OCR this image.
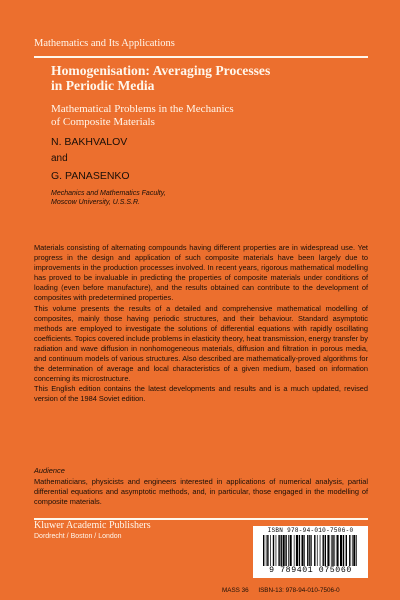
Mathematics and Its Applications
Homogenisation: Averaging Processes
in Periodic Media
Mathematical Problems in the Mechanics
of Composite Materials
N. BAKHVALOV
and
G. PANASENKO
Mechanics and Mathematics Faculty,
Moscow University, U.S.S.R.

Materials consisting of alternating compounds having different properties are in widespread use. Yet progress in the design and application of such composite materials have been largely due to improvements in the production processes involved. In recent years, rigorous mathematical modelling has proved to be invaluable in predicting the properties of composite materials under conditions of loading (even before manufacture), and the results obtained can contribute to the development of composites with predetermined properties.

This volume presents the results of a detailed and comprehensive mathematical modelling of composites, mainly those having periodic structures, and their behaviour. Standard asymptotic methods are employed to investigate the solutions of differential equations with rapidly oscillating coefficients. Topics covered include problems in elasticity theory, heat transmission, energy transfer by radiation and wave diffusion in nonhomogeneous materials, diffusion and filtration in porous media, and continuum models of various structures. Also described are mathematically-proved algorithms for the determination of average and local characteristics of a given medium, based on information concerning its microstructure.

This English edition contains the latest developments and results and is a much updated, revised version of the 1984 Soviet edition.

Audience
Mathematicians, physicists and engineers interested in applications of numerical analysis, partial differential equations and asymptotic methods, and, in particular, those engaged in the modelling of composite materials.
Kluwer Academic Publishers
Dordrecht / Boston / London
ISBN 978-94-010-7506-0
9 789401 075060
MASS 36 ISBN-13: 978-94-010-7506-0
